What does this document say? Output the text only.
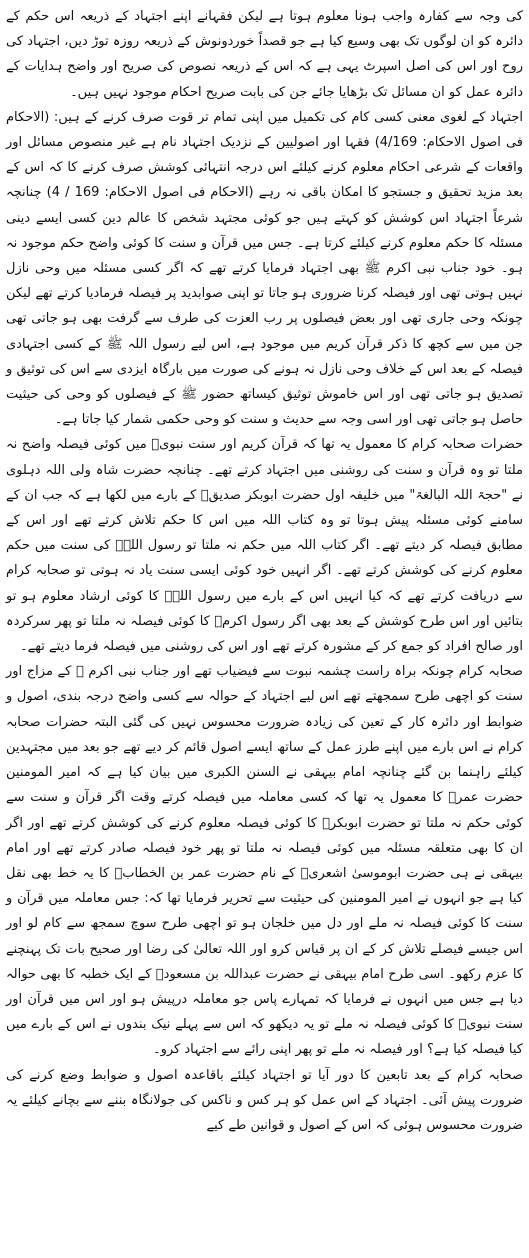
کی وجہ سے کفارہ واجب ہونا معلوم ہوتا ہے لیکن فقہانے اپنے اجتہاد کے ذریعہ اس حکم کے دائرہ کو ان لوگوں تک بھی وسیع کیا ہے جو قصداً خوردونوش کے ذریعہ روزہ توڑ دیں، اجتہاد کی روح اور اس کی اصل اسپرٹ یہی ہے کہ اس کے ذریعہ نصوص کی صریح اور واضح ہدایات کے دائرہ عمل کو ان مسائل تک بڑھایا جائے جن کی بابت صریح احکام موجود نہیں ہیں۔

اجتہاد کے لغوی معنی کسی کام کی تکمیل میں اپنی تمام تر قوت صرف کرنے کے ہیں: (الاحکام فی اصول الاحکام: 4/169) فقہا اور اصولیین کے نزدیک اجتہاد نام ہے غیر منصوص مسائل اور واقعات کے شرعی احکام معلوم کرنے کیلئے اس درجہ انتہائی کوشش صرف کرنے کا کہ اس کے بعد مزید تحقیق و جستجو کا امکان باقی نہ رہے (الاحکام فی اصول الاحکام: 169 / 4) چنانچہ شرعاً اجتہاد اس کوشش کو کہتے ہیں جو کوئی مجتہد شخص کا عالم دین کسی ایسے دینی مسئلہ کا حکم معلوم کرنے کیلئے کرتا ہے۔ جس میں قرآن و سنت کا کوئی واضح حکم موجود نہ ہو۔ خود جناب نبی اکرم ﷺ بھی اجتہاد فرمایا کرتے تھے کہ اگر کسی مسئلہ میں وحی نازل نہیں ہوتی تھی اور فیصلہ کرنا ضروری ہو جاتا تو اپنی صوابدید پر فیصلہ فرمادیا کرتے تھے لیکن چونکہ وحی جاری تھی اور بعض فیصلوں پر رب العزت کی طرف سے گرفت بھی ہو جاتی تھی جن میں سے کچھ کا ذکر قرآن کریم میں موجود ہے، اس لیے رسول اللہ ﷺ کے کسی اجتہادی فیصلہ کے بعد اس کے خلاف وحی نازل نہ ہونے کی صورت میں بارگاہ ایزدی سے اس کی توثیق و تصدیق ہو جاتی تھی اور اس خاموش توثیق کیساتھ حضور ﷺ کے فیصلوں کو وحی کی حیثیت حاصل ہو جاتی تھی اور اسی وجہ سے حدیث و سنت کو وحی حکمی شمار کیا جاتا ہے۔

حضرات صحابہ کرام کا معمول یہ تھا کہ قرآن کریم اور سنت نبویؐ میں کوئی فیصلہ واضح نہ ملتا تو وہ قرآن و سنت کی روشنی میں اجتہاد کرتے تھے۔ چنانچہ حضرت شاہ ولی اللہ دہلوی نے "حجۃ اللہ البالغۃ" میں خلیفہ اول حضرت ابوبکر صدیقؓ کے بارے میں لکھا ہے کہ جب ان کے سامنے کوئی مسئلہ پیش ہوتا تو وہ کتاب اللہ میں اس کا حکم تلاش کرتے تھے اور اس کے مطابق فیصلہ کر دیتے تھے۔ اگر کتاب اللہ میں حکم نہ ملتا تو رسول اللہؐ کی سنت میں حکم معلوم کرنے کی کوشش کرتے تھے۔ اگر انہیں خود کوئی ایسی سنت یاد نہ ہوتی تو صحابہ کرام سے دریافت کرتے تھے کہ کیا انہیں اس کے بارے میں رسول اللہؐ کا کوئی ارشاد معلوم ہو تو بتائیں اور اس طرح کوشش کے بعد بھی اگر رسول اکرمؐ کا کوئی فیصلہ نہ ملتا تو پھر سرکردہ اور صالح افراد کو جمع کر کے مشورہ کرتے تھے اور اس کی روشنی میں فیصلہ فرما دیتے تھے۔

صحابہ کرام چونکہ براہ راست چشمہ نبوت سے فیضیاب تھے اور جناب نبی اکرم ﷺ کے مزاج اور سنت کو اچھی طرح سمجھتے تھے اس لیے اجتہاد کے حوالہ سے کسی واضح درجہ بندی، اصول و ضوابط اور دائرہ کار کے تعین کی زیادہ ضرورت محسوس نہیں کی گئی البتہ حضرات صحابہ کرام نے اس بارے میں اپنے طرز عمل کے ساتھ ایسے اصول قائم کر دیے تھے جو بعد میں مجتہدین کیلئے راہنما بن گئے چنانچہ امام بیہقی نے السنن الکبری میں بیان کیا ہے کہ امیر المومنین حضرت عمرؓ کا معمول یہ تھا کہ کسی معاملہ میں فیصلہ کرتے وقت اگر قرآن و سنت سے کوئی حکم نہ ملتا تو حضرت ابوبکرؓ کا کوئی فیصلہ معلوم کرنے کی کوشش کرتے تھے اور اگر ان کا بھی متعلقہ مسئلہ میں کوئی فیصلہ نہ ملتا تو پھر خود فیصلہ صادر کرتے تھے اور امام بیہقی نے ہی حضرت ابوموسیٰ اشعریؓ کے نام حضرت عمر بن الخطابؓ کا یہ خط بھی نقل کیا ہے جو انہوں نے امیر المومنین کی حیثیت سے تحریر فرمایا تھا کہ: جس معاملہ میں قرآن و سنت کا کوئی فیصلہ نہ ملے اور دل میں خلجان ہو تو اچھی طرح سوچ سمجھ سے کام لو اور اس جیسے فیصلے تلاش کر کے ان پر قیاس کرو اور اللہ تعالیٰ کی رضا اور صحیح بات تک پہنچنے کا عزم رکھو۔ اسی طرح امام بیہقی نے حضرت عبداللہ بن مسعودؓ کے ایک خطبہ کا بھی حوالہ دیا ہے جس میں انہوں نے فرمایا کہ تمہارے پاس جو معاملہ درپیش ہو اور اس میں قرآن اور سنت نبویؐ کا کوئی فیصلہ نہ ملے تو یہ دیکھو کہ اس سے پہلے نیک بندوں نے اس کے بارے میں کیا فیصلہ کیا ہے؟ اور فیصلہ نہ ملے تو پھر اپنی رائے سے اجتہاد کرو۔

صحابہ کرام کے بعد تابعین کا دور آیا تو اجتہاد کیلئے باقاعدہ اصول و ضوابط وضع کرنے کی ضرورت پیش آئی۔ اجتہاد کے اس عمل کو ہر کس و ناکس کی جولانگاہ بننے سے بچانے کیلئے یہ ضرورت محسوس ہوئی کہ اس کے اصول و قوانین طے کیے
